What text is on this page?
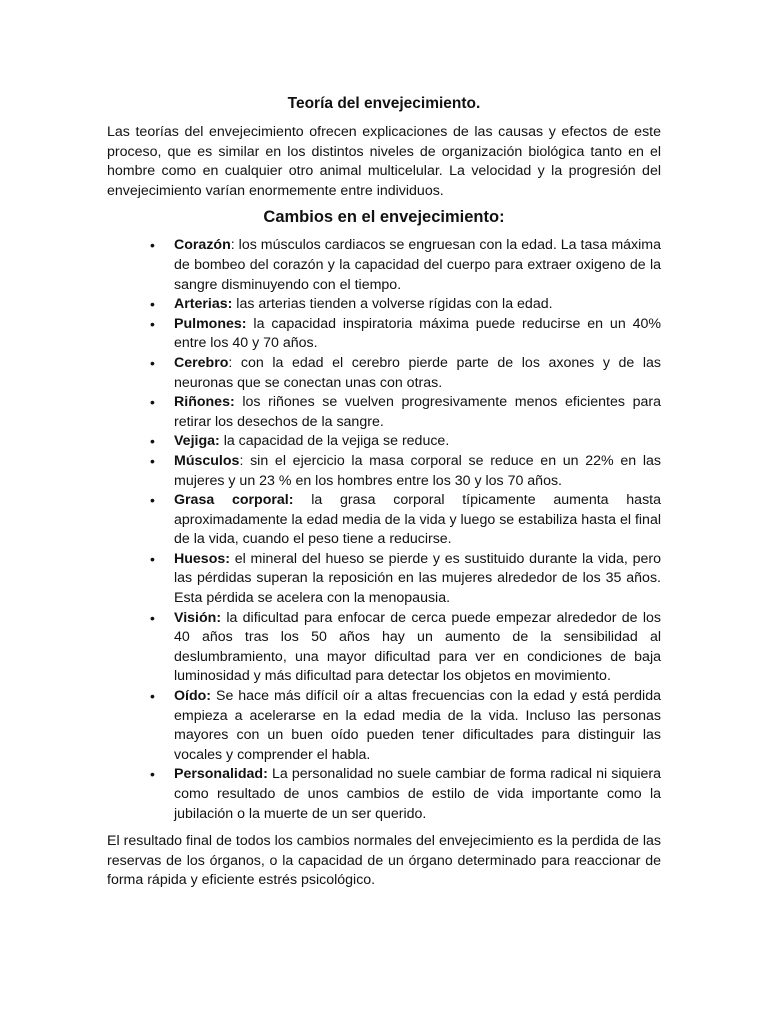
Teoría del envejecimiento.

Las teorías del envejecimiento ofrecen explicaciones de las causas y efectos de este proceso, que es similar en los distintos niveles de organización biológica tanto en el hombre como en cualquier otro animal multicelular. La velocidad y la progresión del envejecimiento varían enormemente entre individuos.

Cambios en el envejecimiento:
• Corazón: los músculos cardiacos se engruesan con la edad. La tasa máxima de bombeo del corazón y la capacidad del cuerpo para extraer oxigeno de la sangre disminuyendo con el tiempo.
• Arterias: las arterias tienden a volverse rígidas con la edad.
• Pulmones: la capacidad inspiratoria máxima puede reducirse en un 40% entre los 40 y 70 años.
• Cerebro: con la edad el cerebro pierde parte de los axones y de las neuronas que se conectan unas con otras.
• Riñones: los riñones se vuelven progresivamente menos eficientes para retirar los desechos de la sangre.
• Vejiga: la capacidad de la vejiga se reduce.
• Músculos: sin el ejercicio la masa corporal se reduce en un 22% en las mujeres y un 23 % en los hombres entre los 30 y los 70 años.
• Grasa corporal: la grasa corporal típicamente aumenta hasta aproximadamente la edad media de la vida y luego se estabiliza hasta el final de la vida, cuando el peso tiene a reducirse.
• Huesos: el mineral del hueso se pierde y es sustituido durante la vida, pero las pérdidas superan la reposición en las mujeres alrededor de los 35 años. Esta pérdida se acelera con la menopausia.
• Visión: la dificultad para enfocar de cerca puede empezar alrededor de los 40 años tras los 50 años hay un aumento de la sensibilidad al deslumbramiento, una mayor dificultad para ver en condiciones de baja luminosidad y más dificultad para detectar los objetos en movimiento.
• Oído: Se hace más difícil oír a altas frecuencias con la edad y está perdida empieza a acelerarse en la edad media de la vida. Incluso las personas mayores con un buen oído pueden tener dificultades para distinguir las vocales y comprender el habla.
• Personalidad: La personalidad no suele cambiar de forma radical ni siquiera como resultado de unos cambios de estilo de vida importante como la jubilación o la muerte de un ser querido.

El resultado final de todos los cambios normales del envejecimiento es la perdida de las reservas de los órganos, o la capacidad de un órgano determinado para reaccionar de forma rápida y eficiente estrés psicológico.
